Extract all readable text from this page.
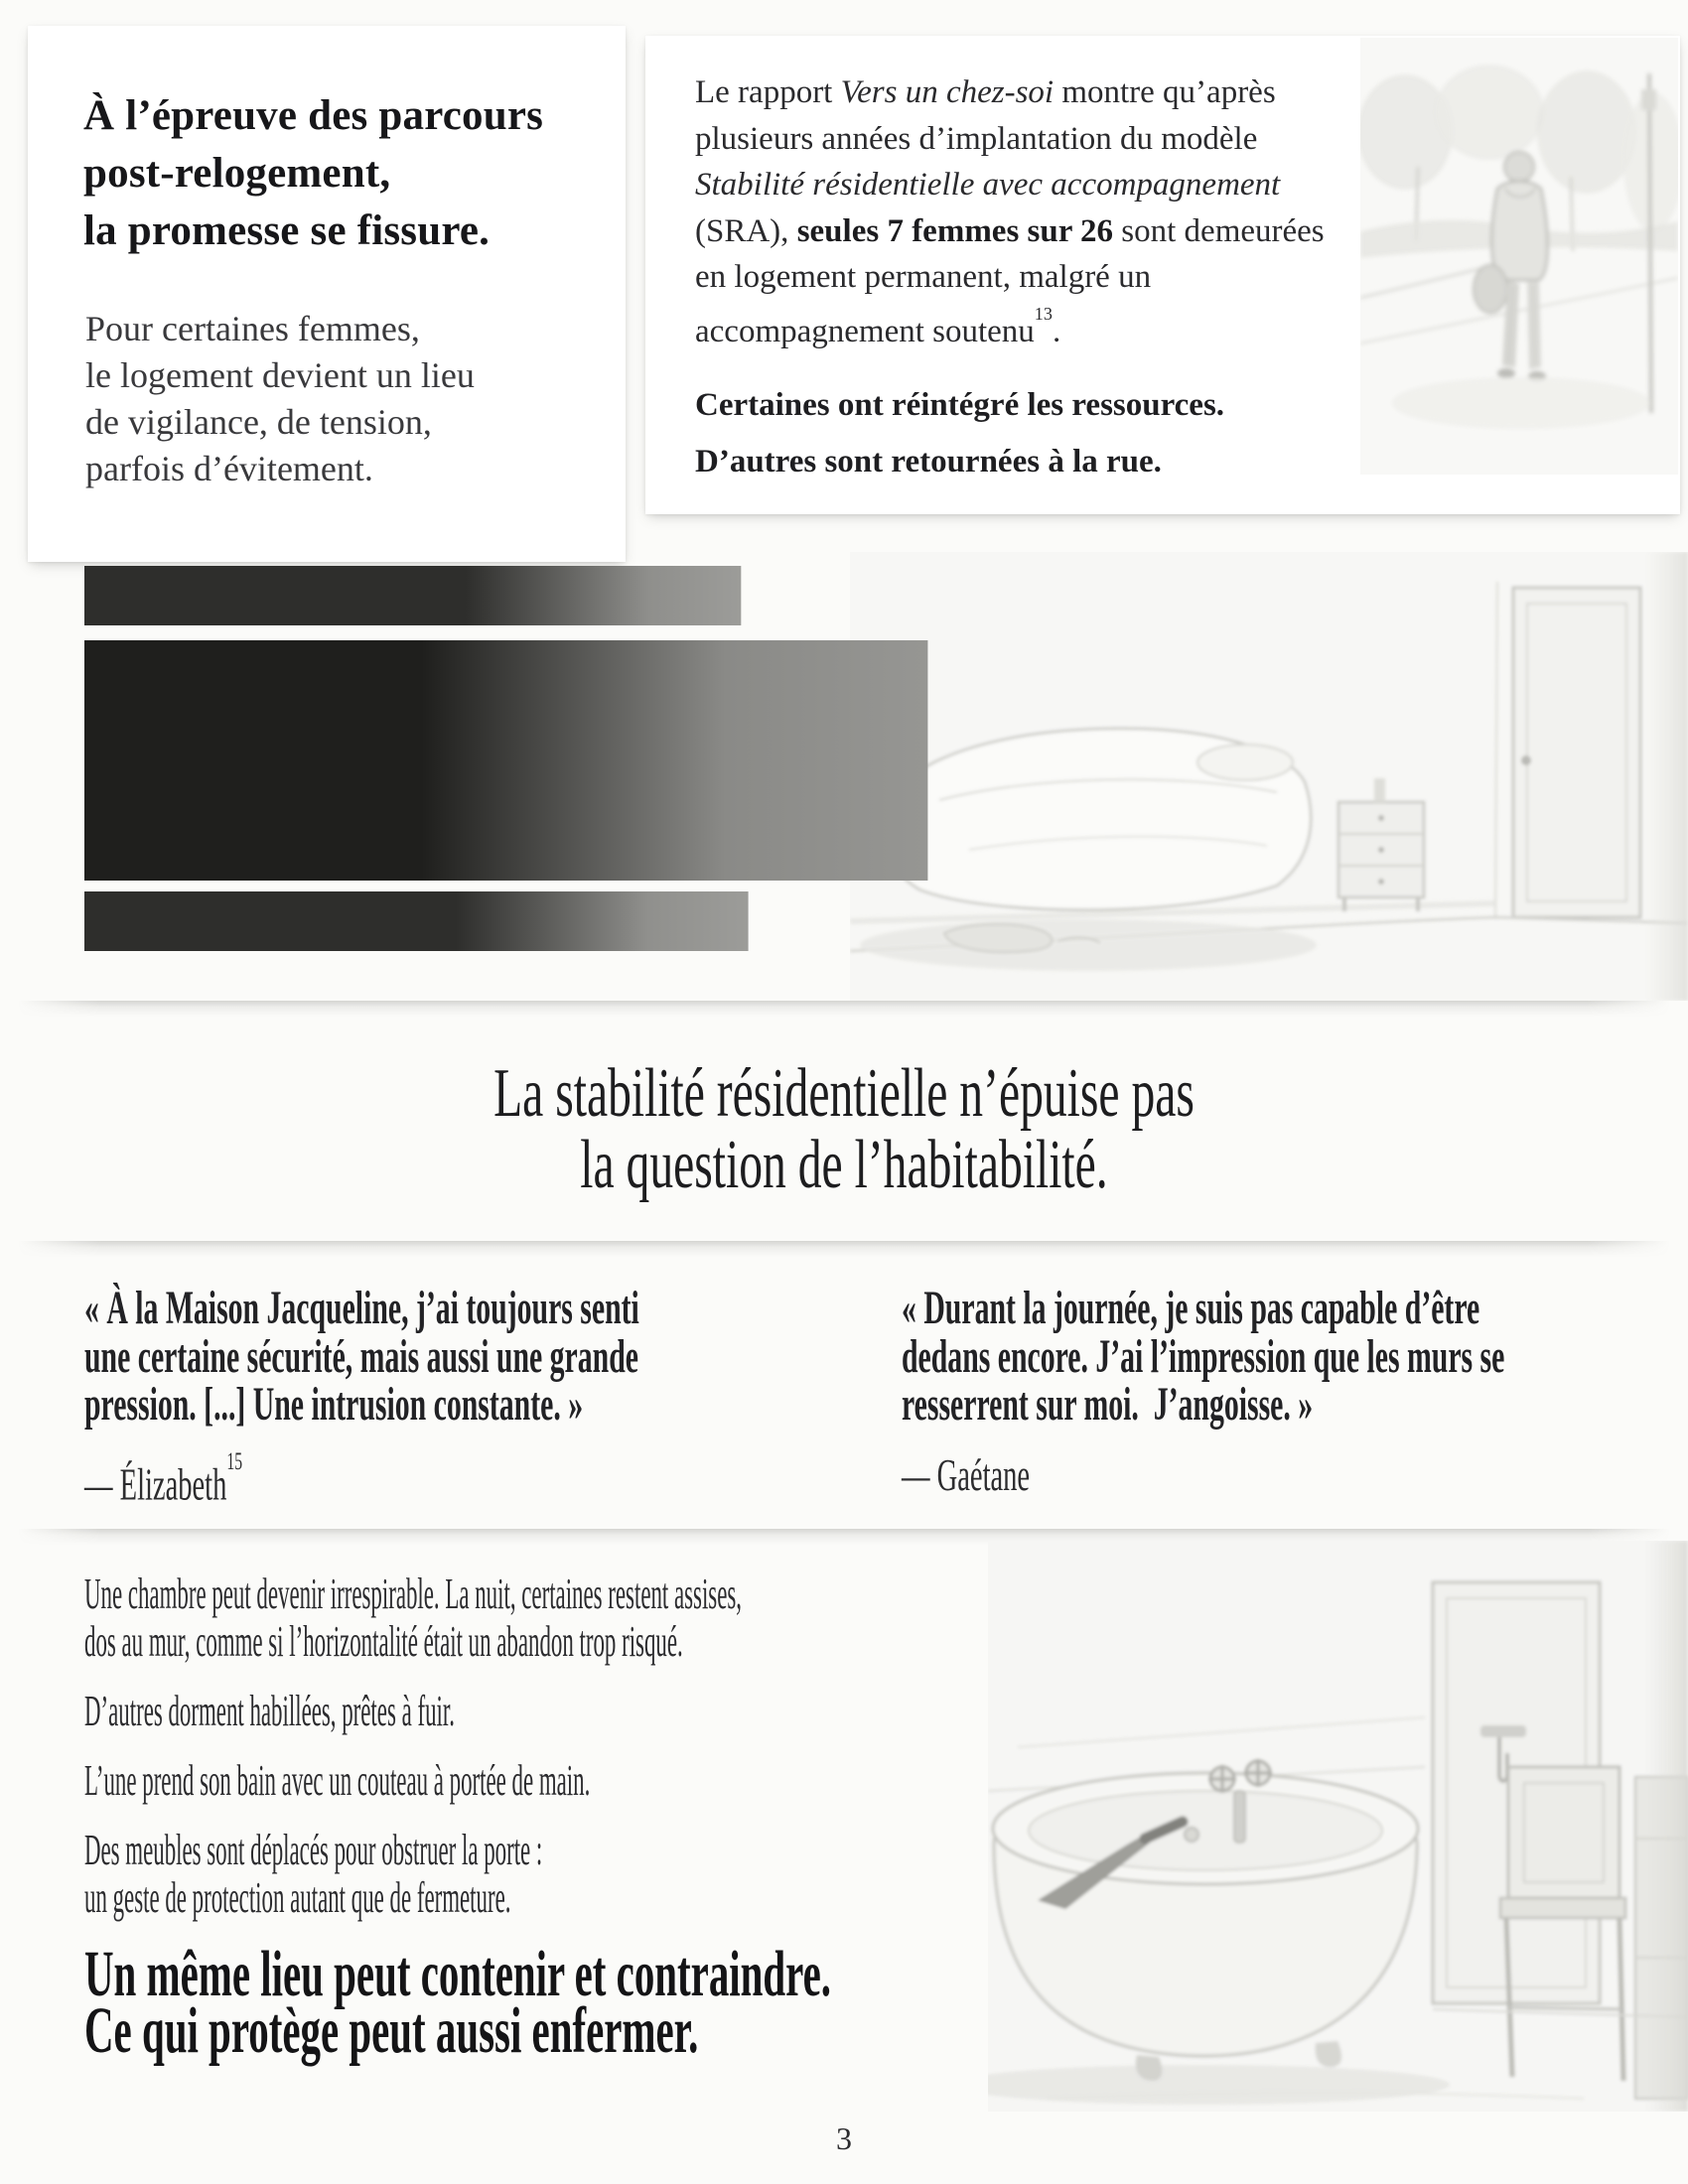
À l’épreuve des parcours
post-relogement,
la promesse se fissure.

Pour certaines femmes,
le logement devient un lieu
de vigilance, de tension,
parfois d’évitement.

Le rapport Vers un chez-soi montre qu’après
plusieurs années d’implantation du modèle
Stabilité résidentielle avec accompagnement
(SRA), seules 7 femmes sur 26 sont demeurées
en logement permanent, malgré un
accompagnement soutenu$^{13}$.

Certaines ont réintégré les ressources.
D’autres sont retournées à la rue.
La stabilité résidentielle n’épuise pas
la question de l’habitabilité.
« À la Maison Jacqueline, j’ai toujours senti
une certaine sécurité, mais aussi une grande
pression. [...] Une intrusion constante. »
— Élizabeth$^{15}$
« Durant la journée, je suis pas capable d’être
dedans encore. J’ai l’impression que les murs se
resserrent sur moi.  J’angoisse. »
— Gaétane
Une chambre peut devenir irrespirable. La nuit, certaines restent assises,
dos au mur, comme si l’horizontalité était un abandon trop risqué.
D’autres dorment habillées, prêtes à fuir.
L’une prend son bain avec un couteau à portée de main.
Des meubles sont déplacés pour obstruer la porte :
un geste de protection autant que de fermeture.
Un même lieu peut contenir et contraindre.
Ce qui protège peut aussi enfermer.
3
